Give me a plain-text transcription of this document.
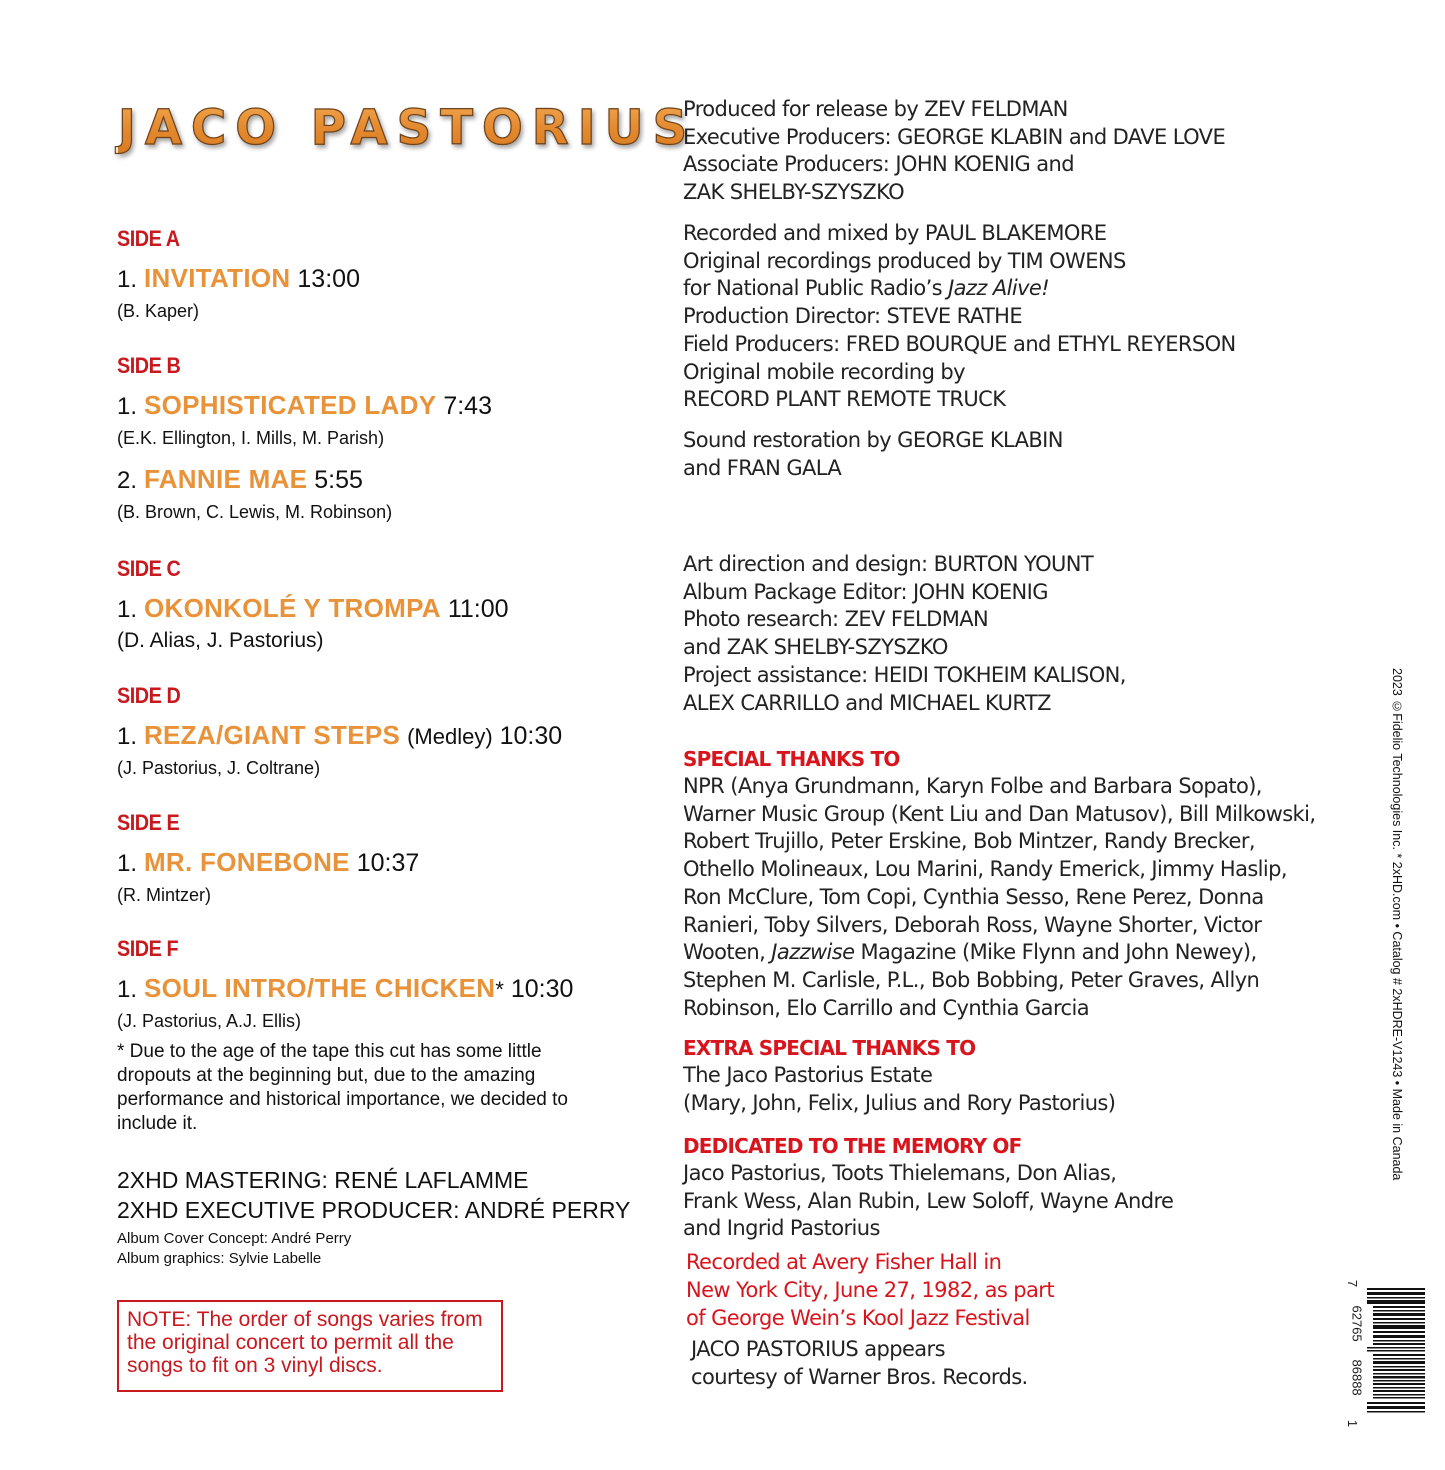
JACO PASTORIUS
SIDE A
1. INVITATION 13:00
(B. Kaper)
SIDE B
1. SOPHISTICATED LADY 7:43
(E.K. Ellington, I. Mills, M. Parish)
2. FANNIE MAE 5:55
(B. Brown, C. Lewis, M. Robinson)
SIDE C
1. OKONKOLÉ Y TROMPA 11:00
(D. Alias, J. Pastorius)
SIDE D
1. REZA/GIANT STEPS (Medley) 10:30
(J. Pastorius, J. Coltrane)
SIDE E
1. MR. FONEBONE 10:37
(R. Mintzer)
SIDE F
1. SOUL INTRO/THE CHICKEN* 10:30
(J. Pastorius, A.J. Ellis)
* Due to the age of the tape this cut has some little dropouts at the beginning but, due to the amazing performance and historical importance, we decided to include it.
2XHD MASTERING: RENÉ LAFLAMME
2XHD EXECUTIVE PRODUCER: ANDRÉ PERRY
Album Cover Concept: André Perry
Album graphics: Sylvie Labelle
NOTE: The order of songs varies from the original concert to permit all the songs to fit on 3 vinyl discs.
Produced for release by ZEV FELDMAN
Executive Producers: GEORGE KLABIN and DAVE LOVE
Associate Producers: JOHN KOENIG and
ZAK SHELBY-SZYSZKO
Recorded and mixed by PAUL BLAKEMORE
Original recordings produced by TIM OWENS
for National Public Radio’s Jazz Alive!
Production Director: STEVE RATHE
Field Producers: FRED BOURQUE and ETHYL REYERSON
Original mobile recording by
RECORD PLANT REMOTE TRUCK
Sound restoration by GEORGE KLABIN
and FRAN GALA
Art direction and design: BURTON YOUNT
Album Package Editor: JOHN KOENIG
Photo research: ZEV FELDMAN
and ZAK SHELBY-SZYSZKO
Project assistance: HEIDI TOKHEIM KALISON,
ALEX CARRILLO and MICHAEL KURTZ
SPECIAL THANKS TO
NPR (Anya Grundmann, Karyn Folbe and Barbara Sopato),
Warner Music Group (Kent Liu and Dan Matusov), Bill Milkowski,
Robert Trujillo, Peter Erskine, Bob Mintzer, Randy Brecker,
Othello Molineaux, Lou Marini, Randy Emerick, Jimmy Haslip,
Ron McClure, Tom Copi, Cynthia Sesso, Rene Perez, Donna
Ranieri, Toby Silvers, Deborah Ross, Wayne Shorter, Victor
Wooten, Jazzwise Magazine (Mike Flynn and John Newey),
Stephen M. Carlisle, P.L., Bob Bobbing, Peter Graves, Allyn
Robinson, Elo Carrillo and Cynthia Garcia
EXTRA SPECIAL THANKS TO
The Jaco Pastorius Estate
(Mary, John, Felix, Julius and Rory Pastorius)
DEDICATED TO THE MEMORY OF
Jaco Pastorius, Toots Thielemans, Don Alias,
Frank Wess, Alan Rubin, Lew Soloff, Wayne Andre
and Ingrid Pastorius
Recorded at Avery Fisher Hall in
New York City, June 27, 1982, as part
of George Wein’s Kool Jazz Festival
JACO PASTORIUS appears
courtesy of Warner Bros. Records.
2023 ©Fidelio Technologies Inc. * 2xHD.com • Catalog # 2xHDRE-V1243 • Made in Canada
7
62765
86888
1
